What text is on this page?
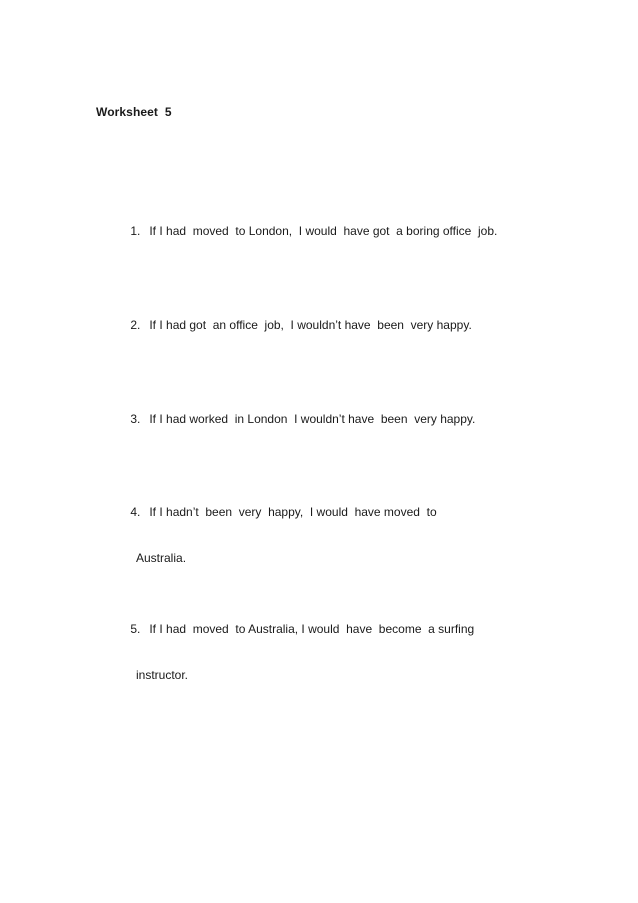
Worksheet  5

1. If I had  moved  to London,  I would  have got  a boring office  job.

2. If I had got  an office  job,  I wouldn’t have  been  very happy.

3. If I had worked  in London  I wouldn’t have  been  very happy.

4. If I hadn’t  been  very  happy,  I would  have moved  to

Australia.

5. If I had  moved  to Australia, I would  have  become  a surfing

instructor.
